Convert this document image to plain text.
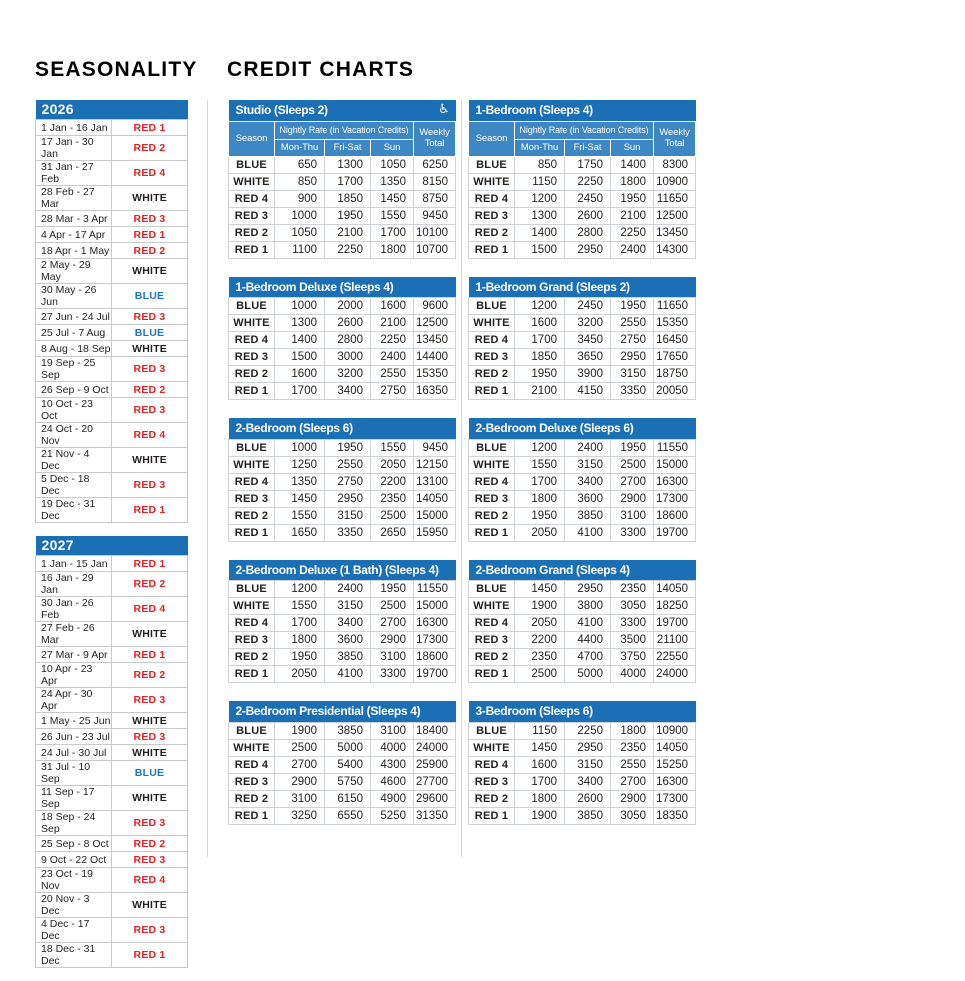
SEASONALITY CREDIT CHARTS
2026	
1 Jan - 16 Jan	RED 1
17 Jan - 30 Jan	RED 2
31 Jan - 27 Feb	RED 4
28 Feb - 27 Mar	WHITE
28 Mar - 3 Apr	RED 3
4 Apr - 17 Apr	RED 1
18 Apr - 1 May	RED 2
2 May - 29 May	WHITE
30 May - 26 Jun	BLUE
27 Jun - 24 Jul	RED 3
25 Jul - 7 Aug	BLUE
8 Aug - 18 Sep	WHITE
19 Sep - 25 Sep	RED 3
26 Sep - 9 Oct	RED 2
10 Oct - 23 Oct	RED 3
24 Oct - 20 Nov	RED 4
21 Nov - 4 Dec	WHITE
5 Dec - 18 Dec	RED 3
19 Dec - 31 Dec	RED 1
2027	
1 Jan - 15 Jan	RED 1
16 Jan - 29 Jan	RED 2
30 Jan - 26 Feb	RED 4
27 Feb - 26 Mar	WHITE
27 Mar - 9 Apr	RED 1
10 Apr - 23 Apr	RED 2
24 Apr - 30 Apr	RED 3
1 May - 25 Jun	WHITE
26 Jun - 23 Jul	RED 3
24 Jul - 30 Jul	WHITE
31 Jul - 10 Sep	BLUE
11 Sep - 17 Sep	WHITE
18 Sep - 24 Sep	RED 3
25 Sep - 8 Oct	RED 2
9 Oct - 22 Oct	RED 3
23 Oct - 19 Nov	RED 4
20 Nov - 3 Dec	WHITE
4 Dec - 17 Dec	RED 3
18 Dec - 31 Dec	RED 1
Studio (Sleeps 2) ♿				

Season	Nightly Rate (in Vacation Credits)			Weekly Total
	Mon-Thu	Fri-Sat	Sun	
BLUE	650	1300	1050	6250
WHITE	850	1700	1350	8150
RED 4	900	1850	1450	8750
RED 3	1000	1950	1550	9450
RED 2	1050	2100	1700	10100
RED 1	1100	2250	1800	10700
1-Bedroom (Sleeps 4)				
Season	Nightly Rate (in Vacation Credits)			Weekly Total
	Mon-Thu	Fri-Sat	Sun	
BLUE	850	1750	1400	8300
WHITE	1150	2250	1800	10900
RED 4	1200	2450	1950	11650
RED 3	1300	2600	2100	12500
RED 2	1400	2800	2250	13450
RED 1	1500	2950	2400	14300
1-Bedroom Deluxe (Sleeps 4)				
BLUE	1000	2000	1600	9600
WHITE	1300	2600	2100	12500
RED 4	1400	2800	2250	13450
RED 3	1500	3000	2400	14400
RED 2	1600	3200	2550	15350
RED 1	1700	3400	2750	16350
1-Bedroom Grand (Sleeps 2)				
BLUE	1200	2450	1950	11650
WHITE	1600	3200	2550	15350
RED 4	1700	3450	2750	16450
RED 3	1850	3650	2950	17650
RED 2	1950	3900	3150	18750
RED 1	2100	4150	3350	20050
2-Bedroom (Sleeps 6)				
BLUE	1000	1950	1550	9450
WHITE	1250	2550	2050	12150
RED 4	1350	2750	2200	13100
RED 3	1450	2950	2350	14050
RED 2	1550	3150	2500	15000
RED 1	1650	3350	2650	15950
2-Bedroom Deluxe (Sleeps 6)				
BLUE	1200	2400	1950	11550
WHITE	1550	3150	2500	15000
RED 4	1700	3400	2700	16300
RED 3	1800	3600	2900	17300
RED 2	1950	3850	3100	18600
RED 1	2050	4100	3300	19700
2-Bedroom Deluxe (1 Bath) (Sleeps 4)				
BLUE	1200	2400	1950	11550
WHITE	1550	3150	2500	15000
RED 4	1700	3400	2700	16300
RED 3	1800	3600	2900	17300
RED 2	1950	3850	3100	18600
RED 1	2050	4100	3300	19700
2-Bedroom Grand (Sleeps 4)				
BLUE	1450	2950	2350	14050
WHITE	1900	3800	3050	18250
RED 4	2050	4100	3300	19700
RED 3	2200	4400	3500	21100
RED 2	2350	4700	3750	22550
RED 1	2500	5000	4000	24000
2-Bedroom Presidential (Sleeps 4)				
BLUE	1900	3850	3100	18400
WHITE	2500	5000	4000	24000
RED 4	2700	5400	4300	25900
RED 3	2900	5750	4600	27700
RED 2	3100	6150	4900	29600
RED 1	3250	6550	5250	31350
3-Bedroom (Sleeps 6)				
BLUE	1150	2250	1800	10900
WHITE	1450	2950	2350	14050
RED 4	1600	3150	2550	15250
RED 3	1700	3400	2700	16300
RED 2	1800	2600	2900	17300
RED 1	1900	3850	3050	18350
